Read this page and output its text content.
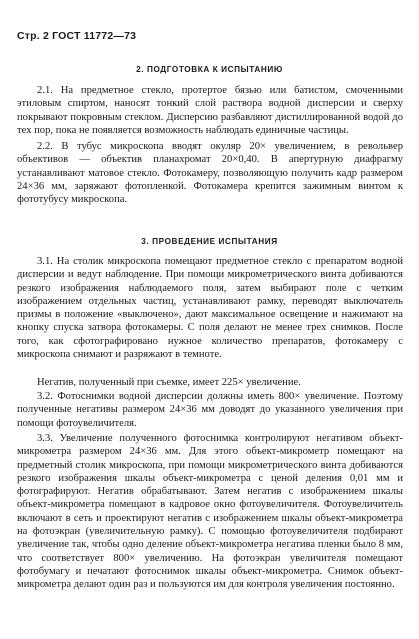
Стр. 2 ГОСТ 11772—73
2. ПОДГОТОВКА К ИСПЫТАНИЮ

2.1. На предметное стекло, протертое бязью или батистом, смоченными этиловым спиртом, наносят тонкий слой раствора водной дисперсии и сверху покрывают покровным стеклом. Дисперсию разбавляют дистиллированной водой до тех пор, пока не появляется возможность наблюдать единичные частицы.

2.2. В тубус микроскопа вводят окуляр 20× увеличением, в револьвер объективов — объектив планахромат 20×0,40. В апертурную диафрагму устанавливают матовое стекло. Фотокамеру, позволяющую получить кадр размером 24×36 мм, заряжают фотопленкой. Фотокамера крепится зажимным винтом к фототубусу микроскопа.

3. ПРОВЕДЕНИЕ ИСПЫТАНИЯ

3.1. На столик микроскопа помещают предметное стекло с препаратом водной дисперсии и ведут наблюдение. При помощи микрометрического винта добиваются резкого изображения наблюдаемого поля, затем выбирают поле с четким изображением отдельных частиц, устанавливают рамку, переводят выключатель призмы в положение «выключено», дают максимальное освещение и нажимают на кнопку спуска затвора фотокамеры. С поля делают не менее трех снимков. После того, как сфотографировано нужное количество препаратов, фотокамеру с микроскопа снимают и разряжают в темноте.

Негатив, полученный при съемке, имеет 225× увеличение.

3.2. Фотоснимки водной дисперсии должны иметь 800× увеличение. Поэтому полученные негативы размером 24×36 мм доводят до указанного увеличения при помощи фотоувеличителя.

3.3. Увеличение полученного фотоснимка контролируют негативом объект-микрометра размером 24×36 мм. Для этого объект-микрометр помещают на предметный столик микроскопа, при помощи микрометрического винта добиваются резкого изображения шкалы объект-микрометра с ценой деления 0,01 мм и фотографируют. Негатив обрабатывают. Затем негатив с изображением шкалы объект-микрометра помещают в кадровое окно фотоувеличителя. Фотоувеличитель включают в сеть и проектируют негатив с изображением шкалы объект-микрометра на фотоэкран (увеличительную рамку). С помощью фотоувеличителя подбирают увеличение так, чтобы одно деление объект-микрометра негатива пленки было 8 мм, что соответствует 800× увеличению. На фотоэкран увеличителя помещают фотобумагу и печатают фотоснимок шкалы объект-микрометра. Снимок объект-микрометра делают один раз и пользуются им для контроля увеличения постоянно.
